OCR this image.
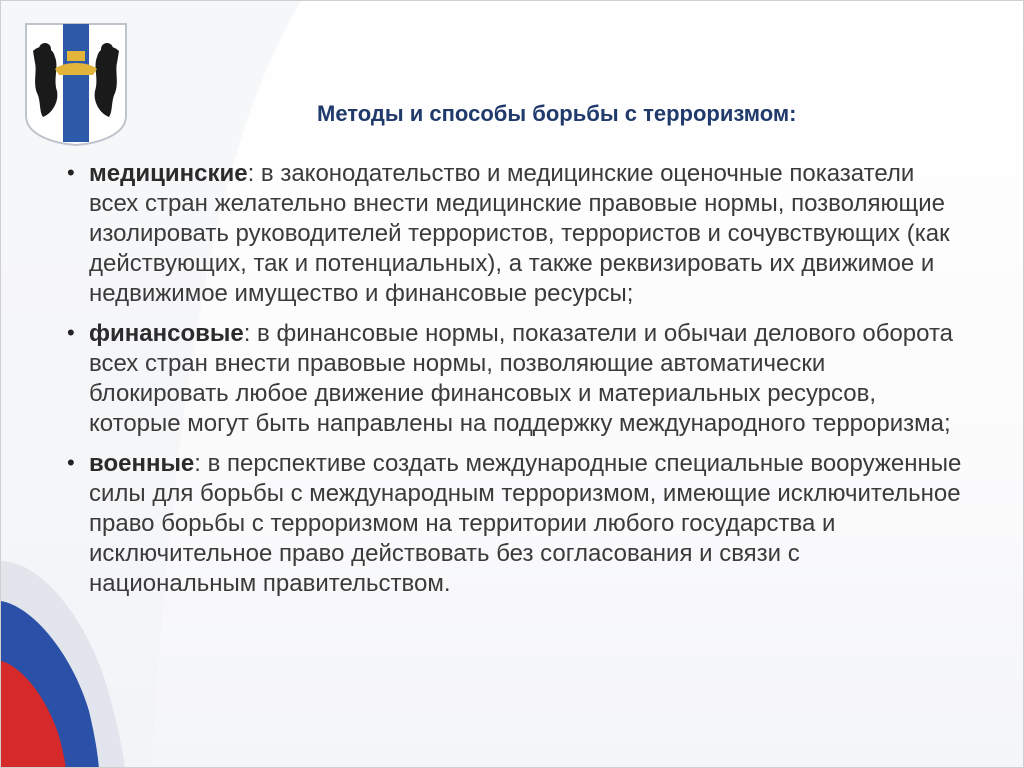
Методы и способы борьбы с терроризмом:
• медицинские: в законодательство и медицинские оценочные показатели всех стран желательно внести медицинские правовые нормы, позволяющие изолировать руководителей террористов, террористов и сочувствующих (как действующих, так и потенциальных), а также реквизировать их движимое и недвижимое имущество и финансовые ресурсы;
• финансовые: в финансовые нормы, показатели и обычаи делового оборота всех стран внести правовые нормы, позволяющие автоматически блокировать любое движение финансовых и материальных ресурсов, которые могут быть направлены на поддержку международного терроризма;
• военные: в перспективе создать международные специальные вооруженные силы для борьбы с международным терроризмом, имеющие исключительное право борьбы с терроризмом на территории любого государства и исключительное право действовать без согласования и связи с национальным правительством.
